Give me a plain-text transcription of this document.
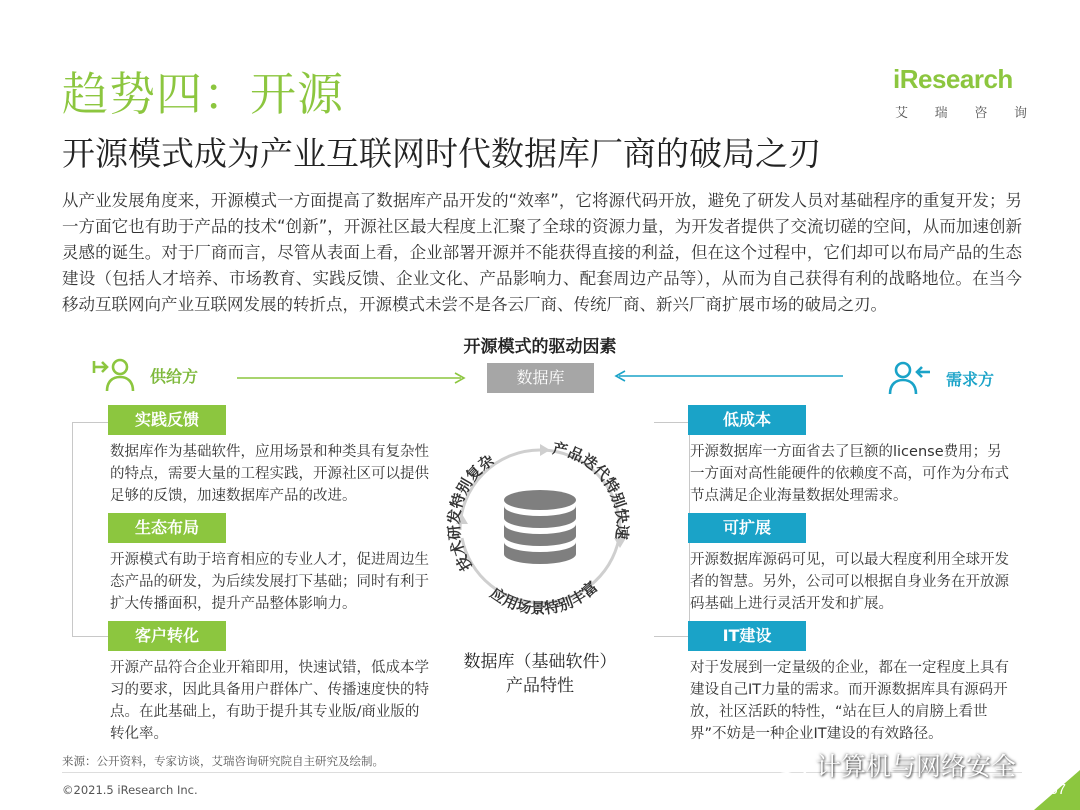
趋势四：开源
开源模式成为产业互联网时代数据库厂商的破局之刃
iResearch
艾 瑞 咨 询
从产业发展角度来，开源模式一方面提高了数据库产品开发的“效率”，它将源代码开放，避免了研发人员对基础程序的重复开发；另一方面它也有助于产品的技术“创新”，开源社区最大程度上汇聚了全球的资源力量，为开发者提供了交流切磋的空间，从而加速创新灵感的诞生。对于厂商而言，尽管从表面上看，企业部署开源并不能获得直接的利益，但在这个过程中，它们却可以布局产品的生态建设（包括人才培养、市场教育、实践反馈、企业文化、产品影响力、配套周边产品等），从而为自己获得有利的战略地位。在当今移动互联网向产业互联网发展的转折点，开源模式未尝不是各云厂商、传统厂商、新兴厂商扩展市场的破局之刃。
开源模式的驱动因素
供给方	需求方
数据库
实践反馈
数据库作为基础软件，应用场景和种类具有复杂性的特点，需要大量的工程实践，开源社区可以提供足够的反馈，加速数据库产品的改进。
生态布局
开源模式有助于培育相应的专业人才，促进周边生态产品的研发，为后续发展打下基础；同时有利于扩大传播面积，提升产品整体影响力。
客户转化
开源产品符合企业开箱即用，快速试错，低成本学习的要求，因此具备用户群体广、传播速度快的特点。在此基础上，有助于提升其专业版/商业版的转化率。
低成本
开源数据库一方面省去了巨额的license费用；另一方面对高性能硬件的依赖度不高，可作为分布式节点满足企业海量数据处理需求。
可扩展
开源数据库源码可见，可以最大程度利用全球开发者的智慧。另外，公司可以根据自身业务在开放源码基础上进行灵活开发和扩展。
IT建设
对于发展到一定量级的企业，都在一定程度上具有建设自己IT力量的需求。而开源数据库具有源码开放，社区活跃的特性，“站在巨人的肩膀上看世界”不妨是一种企业IT建设的有效路径。
技术研发特别复杂
产品迭代特别快速
应用场景特别丰富
数据库（基础软件）
产品特性
来源：公开资料，专家访谈，艾瑞咨询研究院自主研究及绘制。
©2021.5 iResearch Inc.
计算机与网络安全
67
